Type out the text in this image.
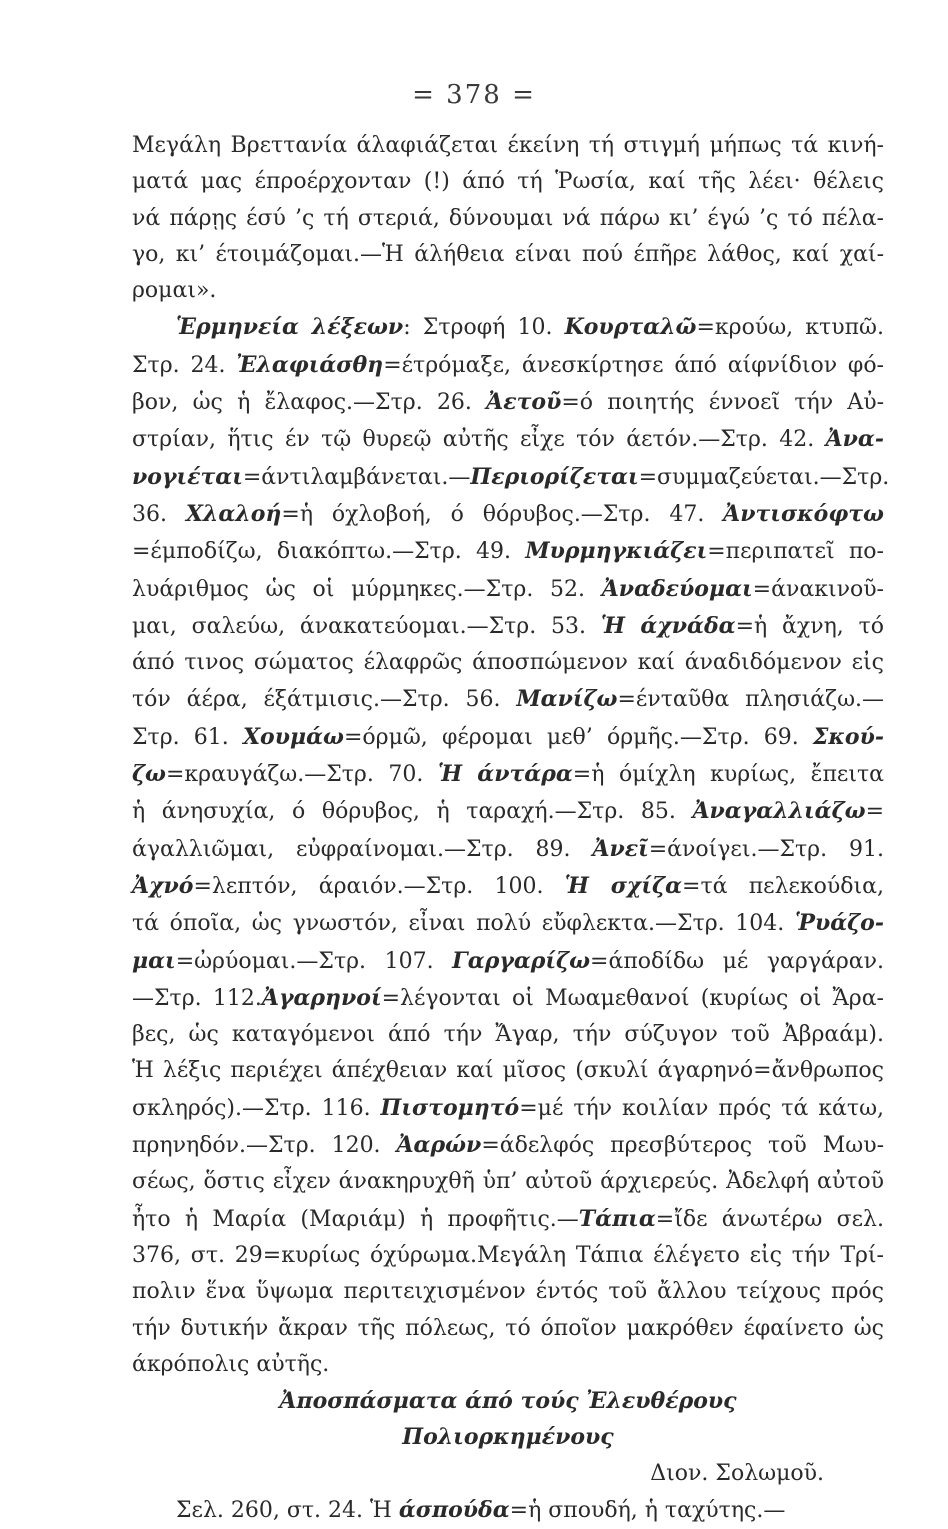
= 378 =
Μεγάλη Βρεττανία άλαφιάζεται έκείνη τή στιγμή μήπως τά κινή-
ματά μας έπροέρχονταν (!) άπό τή Ῥωσία, καί τῆς λέει· θέλεις
νά πάρῃς έσύ ’ς τή στεριά, δύνουμαι νά πάρω κι’ έγώ ’ς τό πέλα-
γο, κι’ έτοιμάζομαι.—Ἡ άλήθεια είναι πού έπῆρε λάθος, καί χαί-
ρομαι».
Ἑρμηνεία λέξεων: Στροφή 10. Κουρταλῶ=κρούω, κτυπῶ.
Στρ. 24. Ἐλαφιάσθη=έτρόμαξε, άνεσκίρτησε άπό αίφνίδιον φό-
βον, ὡς ἡ ἔλαφος.—Στρ. 26. Ἀετοῦ=ό ποιητής έννοεῖ τήν Αὐ-
στρίαν, ἥτις έν τῷ θυρεῷ αὐτῆς εἶχε τόν άετόν.—Στρ. 42. Ἀνα-
νογιέται=άντιλαμβάνεται.—Περιορίζεται=συμμαζεύεται.—Στρ.
36. Χλαλοή=ἡ όχλοβοή, ό θόρυβος.—Στρ. 47. Ἀντισκόφτω
=έμποδίζω, διακόπτω.—Στρ. 49. Μυρμηγκιάζει=περιπατεῖ πο-
λυάριθμος ὡς οἱ μύρμηκες.—Στρ. 52. Ἀναδεύομαι=άνακινοῦ-
μαι, σαλεύω, άνακατεύομαι.—Στρ. 53. Ἡ άχνάδα=ἡ ἄχνη, τό
άπό τινος σώματος έλαφρῶς άποσπώμενον καί άναδιδόμενον εἰς
τόν άέρα, έξάτμισις.—Στρ. 56. Μανίζω=ένταῦθα πλησιάζω.—
Στρ. 61. Χουμάω=όρμῶ, φέρομαι μεθ’ όρμῆς.—Στρ. 69. Σκού-
ζω=κραυγάζω.—Στρ. 70. Ἡ άντάρα=ἡ όμίχλη κυρίως, ἔπειτα
ἡ άνησυχία, ό θόρυβος, ἡ ταραχή.—Στρ. 85. Ἀναγαλλιάζω=
άγαλλιῶμαι, εὐφραίνομαι.—Στρ. 89. Ἀνεῖ=άνοίγει.—Στρ. 91.
Ἀχνό=λεπτόν, άραιόν.—Στρ. 100. Ἡ σχίζα=τά πελεκούδια,
τά όποῖα, ὡς γνωστόν, εἶναι πολύ εὔφλεκτα.—Στρ. 104. Ῥυάζο-
μαι=ὠρύομαι.—Στρ. 107. Γαργαρίζω=άποδίδω μέ γαργάραν.
—Στρ. 112.Ἀγαρηνοί=λέγονται οἱ Μωαμεθανοί (κυρίως οἱ Ἄρα-
βες, ὡς καταγόμενοι άπό τήν Ἄγαρ, τήν σύζυγον τοῦ Ἀβραάμ).
Ἡ λέξις περιέχει άπέχθειαν καί μῖσος (σκυλί άγαρηνό=ἄνθρωπος
σκληρός).—Στρ. 116. Πιστομητό=μέ τήν κοιλίαν πρός τά κάτω,
πρηνηδόν.—Στρ. 120. Ἀαρών=άδελφός πρεσβύτερος τοῦ Μωυ-
σέως, ὅστις εἶχεν άνακηρυχθῆ ὑπ’ αὐτοῦ άρχιερεύς. Ἀδελφή αὐτοῦ
ἦτο ἡ Μαρία (Μαριάμ) ἡ προφῆτις.—Τάπια=ἴδε άνωτέρω σελ.
376, στ. 29=κυρίως όχύρωμα.Μεγάλη Τάπια έλέγετο εἰς τήν Τρί-
πολιν ἕνα ὕψωμα περιτειχισμένον έντός τοῦ ἄλλου τείχους πρός
τήν δυτικήν ἄκραν τῆς πόλεως, τό όποῖον μακρόθεν έφαίνετο ὡς
άκρόπολις αὐτῆς.
Ἀποσπάσματα άπό τούς Ἐλευθέρους
Πολιορκημένους
Διον. Σολωμοῦ.
Σελ. 260, στ. 24. Ἡ άσπούδα=ἡ σπουδή, ἡ ταχύτης.—
